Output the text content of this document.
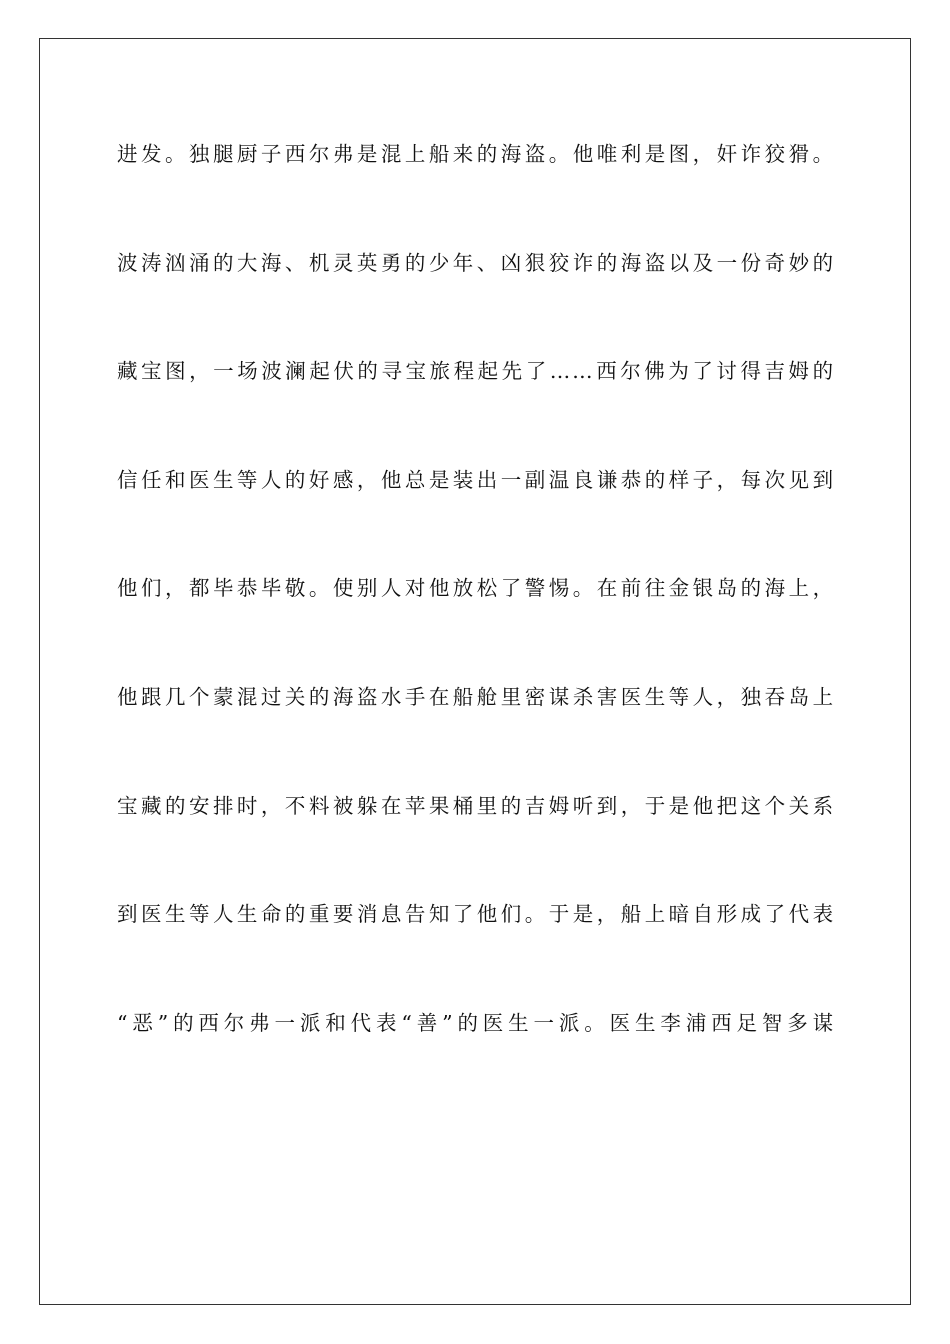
进发。独腿厨子西尔弗是混上船来的海盗。他唯利是图，奸诈狡猾。
波涛汹涌的大海、机灵英勇的少年、凶狠狡诈的海盗以及一份奇妙的
藏宝图，一场波澜起伏的寻宝旅程起先了……西尔佛为了讨得吉姆的
信任和医生等人的好感，他总是装出一副温良谦恭的样子，每次见到
他们，都毕恭毕敬。使别人对他放松了警惕。在前往金银岛的海上，
他跟几个蒙混过关的海盗水手在船舱里密谋杀害医生等人，独吞岛上
宝藏的安排时，不料被躲在苹果桶里的吉姆听到，于是他把这个关系
到医生等人生命的重要消息告知了他们。于是，船上暗自形成了代表
“恶”的西尔弗一派和代表“善”的医生一派。医生李浦西足智多谋
